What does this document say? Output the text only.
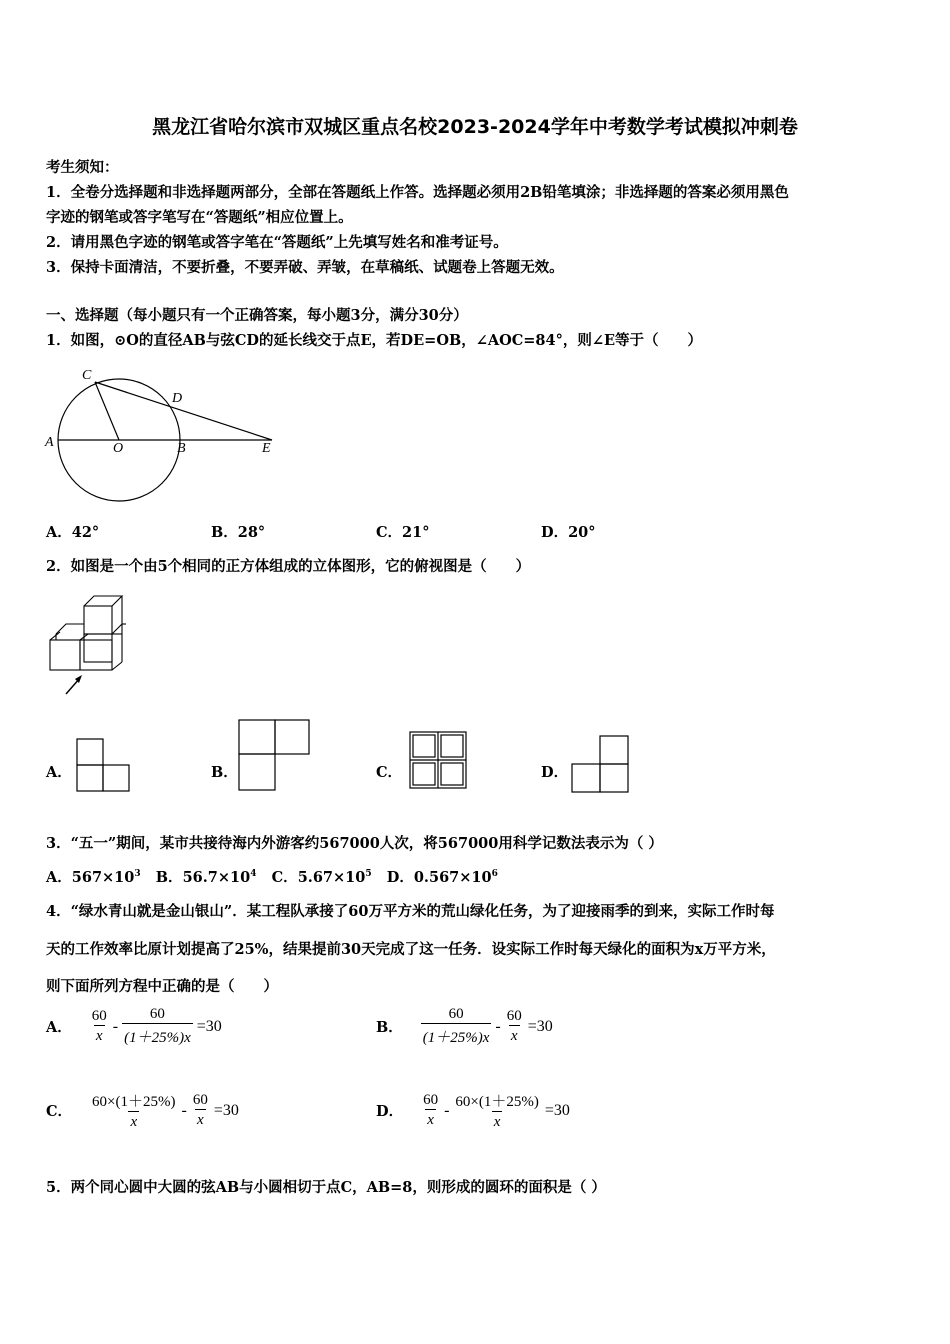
黑龙江省哈尔滨市双城区重点名校2023-2024学年中考数学考试模拟冲刺卷
考生须知：
1．全卷分选择题和非选择题两部分，全部在答题纸上作答。选择题必须用2B铅笔填涂；非选择题的答案必须用黑色
字迹的钢笔或答字笔写在“答题纸”相应位置上。
2．请用黑色字迹的钢笔或答字笔在“答题纸”上先填写姓名和准考证号。
3．保持卡面清洁，不要折叠，不要弄破、弄皱，在草稿纸、试题卷上答题无效。
一、选择题（每小题只有一个正确答案，每小题3分，满分30分）
1．如图，⊙O的直径AB与弦CD的延长线交于点E，若DE=OB，∠AOC=84°，则∠E等于（　　）
C
D
A	O	B	E
A．42°	B．28°	C．21°	D．20°
2．如图是一个由5个相同的正方体组成的立体图形，它的俯视图是（　　）
A．	B．	C．	D．
3．“五一”期间，某市共接待海内外游客约567000人次，将567000用科学记数法表示为（ ）
A．$567\times 10^3$ B．$56.7\times 10^4$ C．$5.67\times 10^5$ D．$0.567\times 10^6$
4．“绿水青山就是金山银山”．某工程队承接了60万平方米的荒山绿化任务，为了迎接雨季的到来，实际工作时每
天的工作效率比原计划提高了25%，结果提前30天完成了这一任务．设实际工作时每天绿化的面积为x万平方米，
则下面所列方程中正确的是（　　）
A． $\frac{60}{x} - \frac{60}{(1+25\%)x} =30$	B． $\frac{60}{(1+25\%)x} - \frac{60}{x} =30$
C． $\frac{60\times(1+25\%)}{x} - \frac{60}{x} =30$	D． $\frac{60}{x} - \frac{60\times(1+25\%)}{x} =30$
5．两个同心圆中大圆的弦AB与小圆相切于点C，AB=8，则形成的圆环的面积是（ ）
